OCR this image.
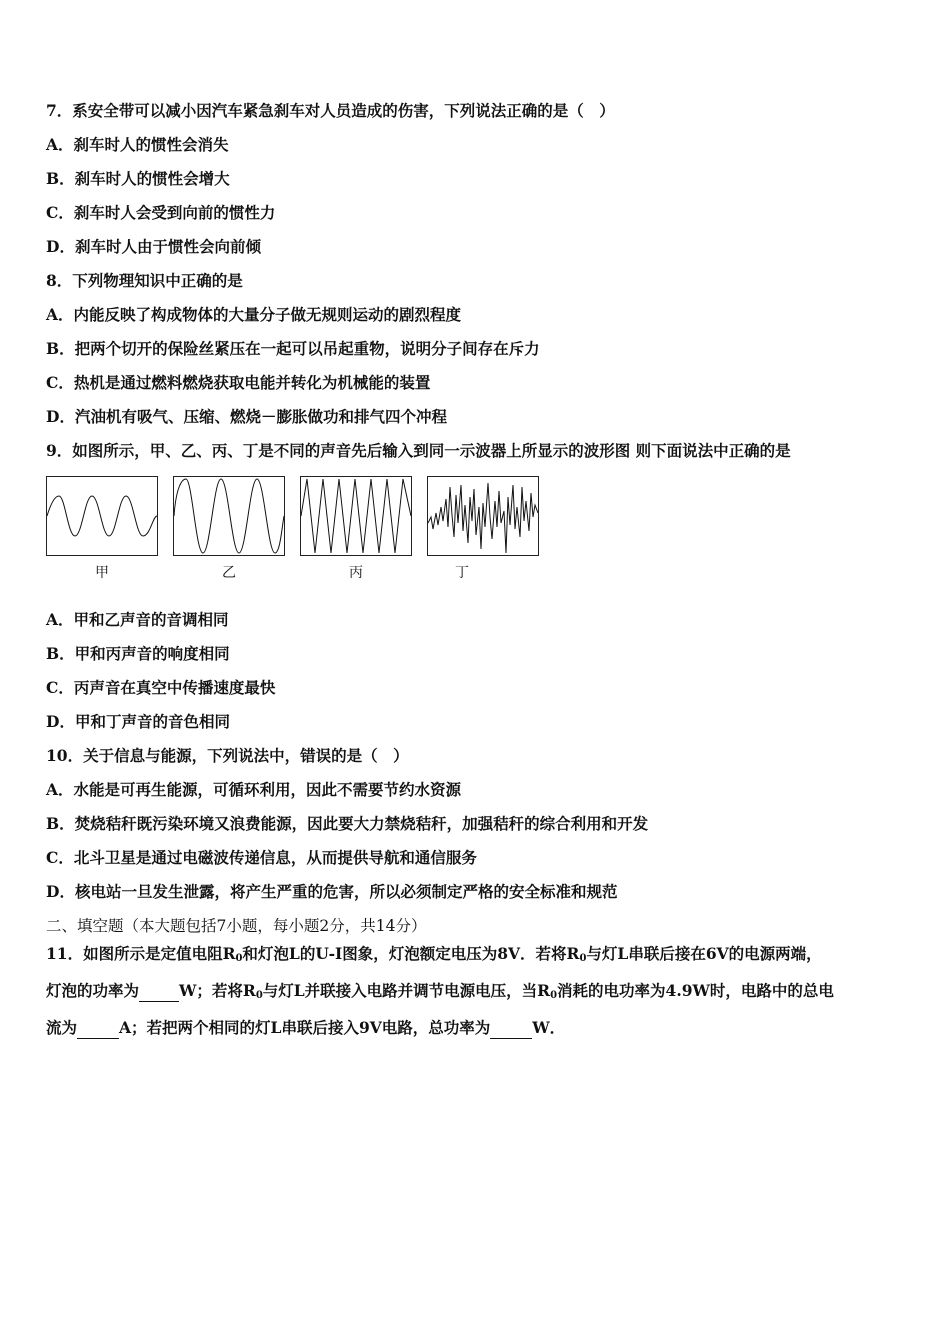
7．系安全带可以减小因汽车紧急刹车对人员造成的伤害，下列说法正确的是（　）
A．刹车时人的惯性会消失
B．刹车时人的惯性会增大
C．刹车时人会受到向前的惯性力
D．刹车时人由于惯性会向前倾
8．下列物理知识中正确的是
A．内能反映了构成物体的大量分子做无规则运动的剧烈程度
B．把两个切开的保险丝紧压在一起可以吊起重物，说明分子间存在斥力
C．热机是通过燃料燃烧获取电能并转化为机械能的装置
D．汽油机有吸气、压缩、燃烧－膨胀做功和排气四个冲程
9．如图所示，甲、乙、丙、丁是不同的声音先后输入到同一示波器上所显示的波形图 则下面说法中正确的是
甲	乙	丙	丁
A．甲和乙声音的音调相同
B．甲和丙声音的响度相同
C．丙声音在真空中传播速度最快
D．甲和丁声音的音色相同
10．关于信息与能源，下列说法中，错误的是（　）
A．水能是可再生能源，可循环利用，因此不需要节约水资源
B．焚烧秸秆既污染环境又浪费能源，因此要大力禁烧秸秆，加强秸秆的综合利用和开发
C．北斗卫星是通过电磁波传递信息，从而提供导航和通信服务
D．核电站一旦发生泄露，将产生严重的危害，所以必须制定严格的安全标准和规范
二、填空题（本大题包括7小题，每小题2分，共14分）
11．如图所示是定值电阻$R_0$和灯泡L的U-I图象，灯泡额定电压为8V．若将$R_0$与灯L串联后接在6V的电源两端，
灯泡的功率为	W；若将$R_0$与灯L并联接入电路并调节电源电压，当$R_0$消耗的电功率为4.9W时，电路中的总电
流为	A；若把两个相同的灯L串联后接入9V电路，总功率为	W．
